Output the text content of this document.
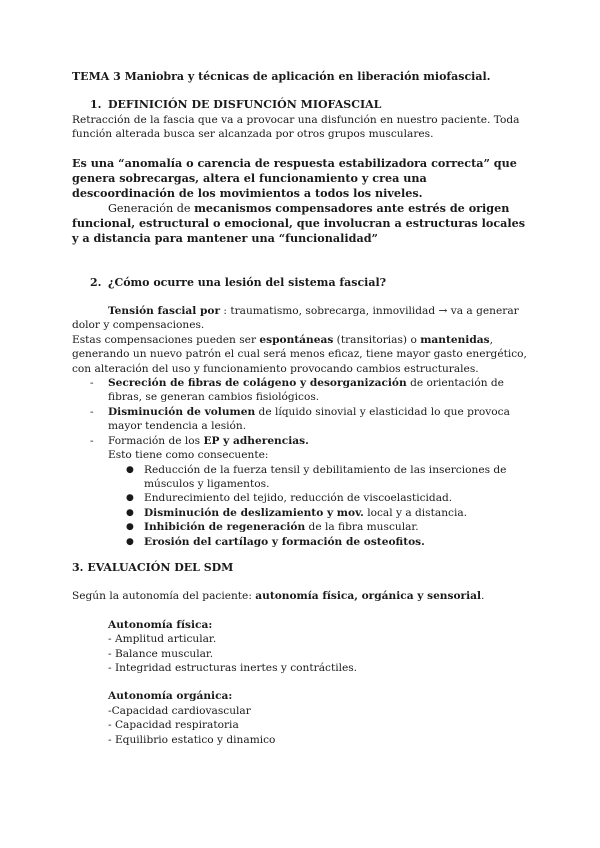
TEMA 3 Maniobra y técnicas de aplicación en liberación miofascial.

1. DEFINICIÓN DE DISFUNCIÓN MIOFASCIAL

Retracción de la fascia que va a provocar una disfunción en nuestro paciente. Toda función alterada busca ser alcanzada por otros grupos musculares.

Es una “anomalía o carencia de respuesta estabilizadora correcta” que genera sobrecargas, altera el funcionamiento y crea una descoordinación de los movimientos a todos los niveles.

Generación de mecanismos compensadores ante estrés de origen funcional, estructural o emocional, que involucran a estructuras locales y a distancia para mantener una “funcionalidad”

2. ¿Cómo ocurre una lesión del sistema fascial?

Tensión fascial por : traumatismo, sobrecarga, inmovilidad → va a generar dolor y compensaciones.

Estas compensaciones pueden ser espontáneas (transitorias) o mantenidas, generando un nuevo patrón el cual será menos eficaz, tiene mayor gasto energético, con alteración del uso y funcionamiento provocando cambios estructurales.

- Secreción de fibras de colágeno y desorganización de orientación de fibras, se generan cambios fisiológicos.
- Disminución de volumen de líquido sinovial y elasticidad lo que provoca mayor tendencia a lesión.
- Formación de los EP y adherencias.

Esto tiene como consecuente:

● Reducción de la fuerza tensil y debilitamiento de las inserciones de músculos y ligamentos.
● Endurecimiento del tejido, reducción de viscoelasticidad.
● Disminución de deslizamiento y mov. local y a distancia.
● Inhibición de regeneración de la fibra muscular.
● Erosión del cartílago y formación de osteofitos.

3. EVALUACIÓN DEL SDM

Según la autonomía del paciente: autonomía física, orgánica y sensorial.

Autonomía física:

- Amplitud articular.

- Balance muscular.

- Integridad estructuras inertes y contráctiles.

Autonomía orgánica:

-Capacidad cardiovascular

- Capacidad respiratoria

- Equilibrio estatico y dinamico
